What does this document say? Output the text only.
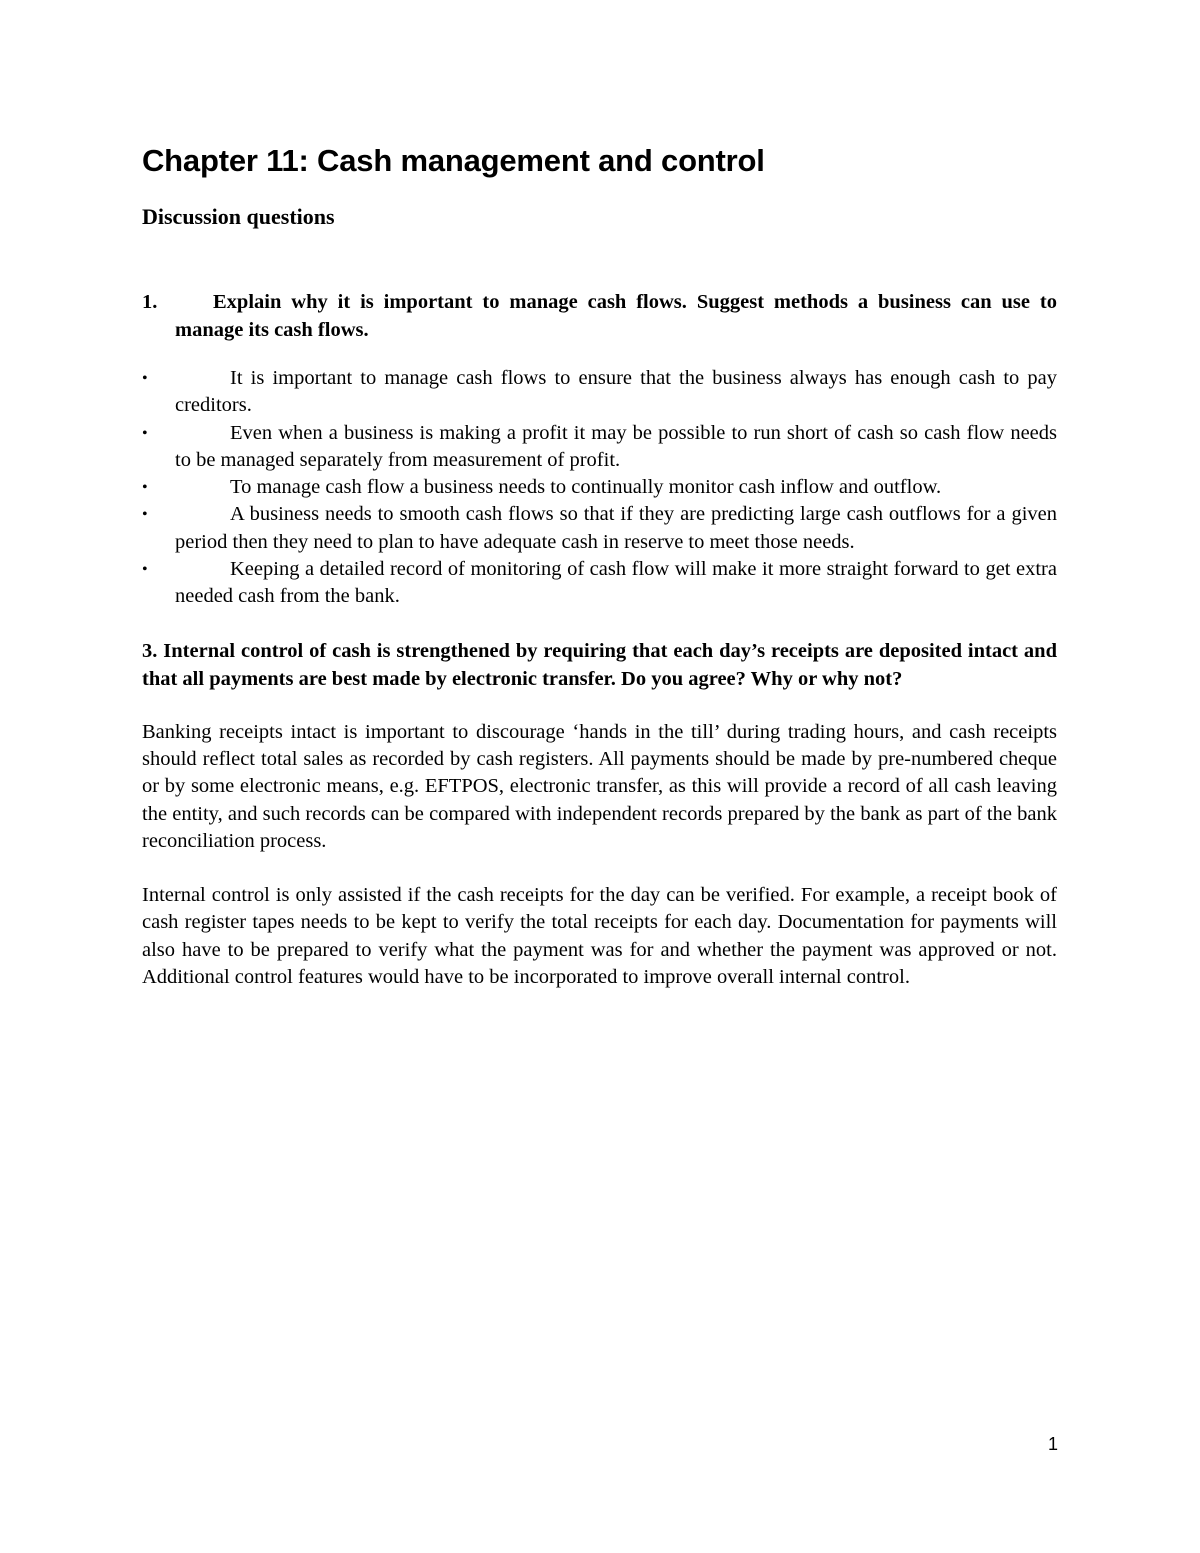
Chapter 11: Cash management and control
Discussion questions
1.	Explain why it is important to manage cash flows. Suggest methods a business can use to manage its cash flows.
•	It is important to manage cash flows to ensure that the business always has enough cash to pay creditors.
•	Even when a business is making a profit it may be possible to run short of cash so cash flow needs to be managed separately from measurement of profit.
•	To manage cash flow a business needs to continually monitor cash inflow and outflow.
•	A business needs to smooth cash flows so that if they are predicting large cash outflows for a given period then they need to plan to have adequate cash in reserve to meet those needs.
•	Keeping a detailed record of monitoring of cash flow will make it more straight forward to get extra needed cash from the bank.

3. Internal control of cash is strengthened by requiring that each day’s receipts are deposited intact and that all payments are best made by electronic transfer. Do you agree? Why or why not?

Banking receipts intact is important to discourage ‘hands in the till’ during trading hours, and cash receipts should reflect total sales as recorded by cash registers. All payments should be made by pre-numbered cheque or by some electronic means, e.g. EFTPOS, electronic transfer, as this will provide a record of all cash leaving the entity, and such records can be compared with independent records prepared by the bank as part of the bank reconciliation process.

Internal control is only assisted if the cash receipts for the day can be verified. For example, a receipt book of cash register tapes needs to be kept to verify the total receipts for each day. Documentation for payments will also have to be prepared to verify what the payment was for and whether the payment was approved or not. Additional control features would have to be incorporated to improve overall internal control.

1
